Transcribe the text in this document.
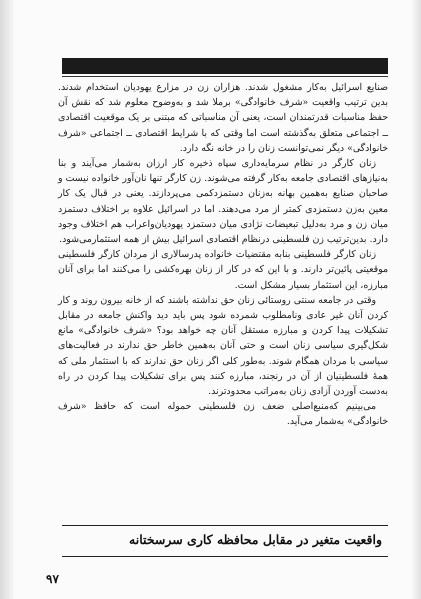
صنایع اسرائیل به‌کار مشغول شدند. هزاران زن در مزارع یهودیان استخدام شدند. بدین ترتیب واقعیت «شرف خانوادگی» برملا شد و به‌وضوح معلوم شد که نقش آن حفظ مناسبات قدرتمندان است، یعنی آن مناسباتی که مبتنی بر یک موقعیت اقتصادی ــ اجتماعی متعلق به‌گذشته است اما وقتی که با شرایط اقتصادی ــ اجتماعی «شرف خانوادگی» دیگر نمی‌توانست زنان را در خانه نگه دارد.

زنان کارگر در نظام سرمایه‌داری سپاه ذخیره کار ارزان به‌شمار می‌آیند و بنا به‌نیازهای اقتصادی جامعه به‌کار گرفته می‌شوند. زن کارگر تنها نان‌آور خانواده نیست و صاحبان صنایع به‌همین بهانه به‌زنان دستمزدکمی می‌پردازند. یعنی در قبال یک کار معین به‌زن دستمزدی کمتر از مرد می‌دهند. اما در اسرائیل علاوه بر اختلاف دستمزد میان زن و مرد به‌دلیل تبعیضات نژادی میان دستمزد یهودیان‌واعراب هم اختلاف وجود دارد. بدین‌ترتیب زن فلسطینی درنظام اقتصادی اسرائیل بیش از همه استثمارمی‌شود.

زنان کارگر فلسطینی بنابه مقتضیات خانواده پدرسالاری از مردان کارگر فلسطینی موقعیتی پائین‌تر دارند. و با این که در کار از زنان بهره‌کشی را می‌کنند اما برای آنان مبارزه، این استثمار بسیار مشکل است.

وقتی در جامعه سنتی روستائی زنان حق نداشته باشند که از خانه بیرون روند و کار کردن آنان غیر عادی ونامطلوب شمرده شود پس باید دید واکنش جامعه در مقابل تشکیلات پیدا کردن و مبارزه مستقل آنان چه خواهد بود؟ «شرف خانوادگی» مانع شکل‌گیری سیاسی زنان است و حتی آنان به‌همین خاطر حق ندارند در فعالیت‌های سیاسی با مردان همگام شوند. به‌طور کلی اگر زنان حق ندارند که با استثمار ملی که همهٔ فلسطینیان از آن در رنجند، مبارزه کنند پس برای تشکیلات پیدا کردن در راه به‌دست آوردن آزادی زنان به‌مراتب محدودترند.

می‌بینیم که‌منبع‌اصلی ضعف زن فلسطینی حموله است که حافظ «شرف خانوادگی» به‌شمار می‌آید.

واقعیت متغیر در مقابل محافظه کاری سرسختانه
۹۷
